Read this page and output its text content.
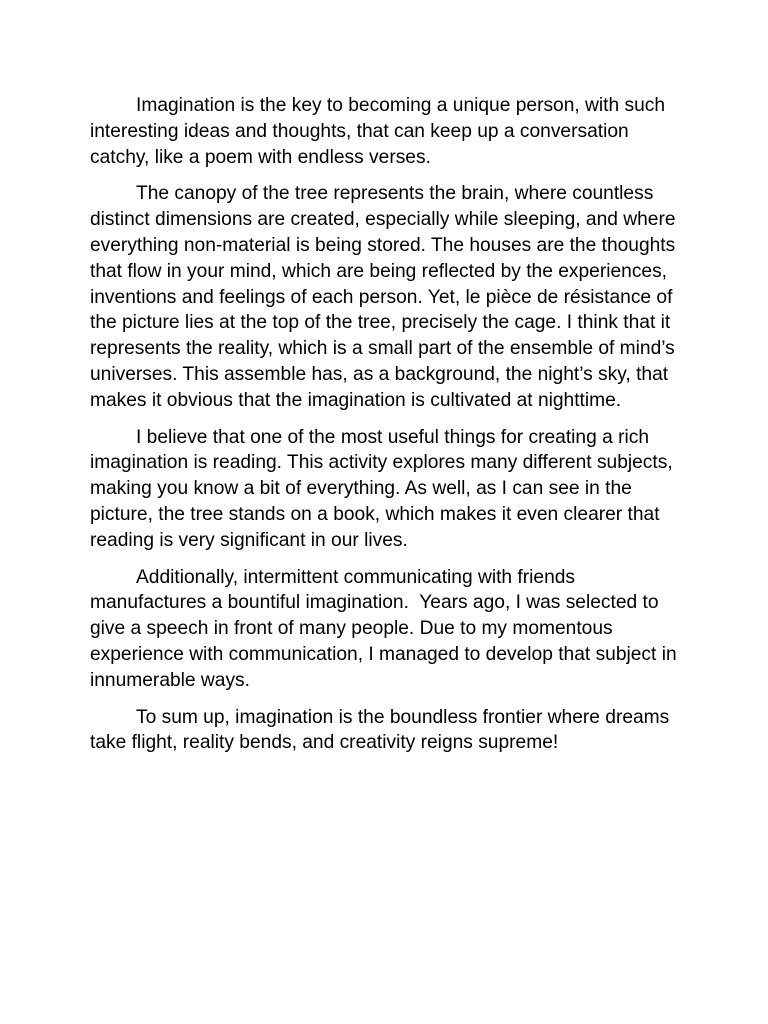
Imagination is the key to becoming a unique person, with such interesting ideas and thoughts, that can keep up a conversation catchy, like a poem with endless verses.

The canopy of the tree represents the brain, where countless distinct dimensions are created, especially while sleeping, and where everything non-material is being stored. The houses are the thoughts that flow in your mind, which are being reflected by the experiences, inventions and feelings of each person. Yet, le pièce de résistance of the picture lies at the top of the tree, precisely the cage. I think that it represents the reality, which is a small part of the ensemble of mind’s universes. This assemble has, as a background, the night’s sky, that makes it obvious that the imagination is cultivated at nighttime.

I believe that one of the most useful things for creating a rich imagination is reading. This activity explores many different subjects, making you know a bit of everything. As well, as I can see in the picture, the tree stands on a book, which makes it even clearer that reading is very significant in our lives.

Additionally, intermittent communicating with friends manufactures a bountiful imagination.  Years ago, I was selected to give a speech in front of many people. Due to my momentous experience with communication, I managed to develop that subject in innumerable ways.

To sum up, imagination is the boundless frontier where dreams take flight, reality bends, and creativity reigns supreme!
